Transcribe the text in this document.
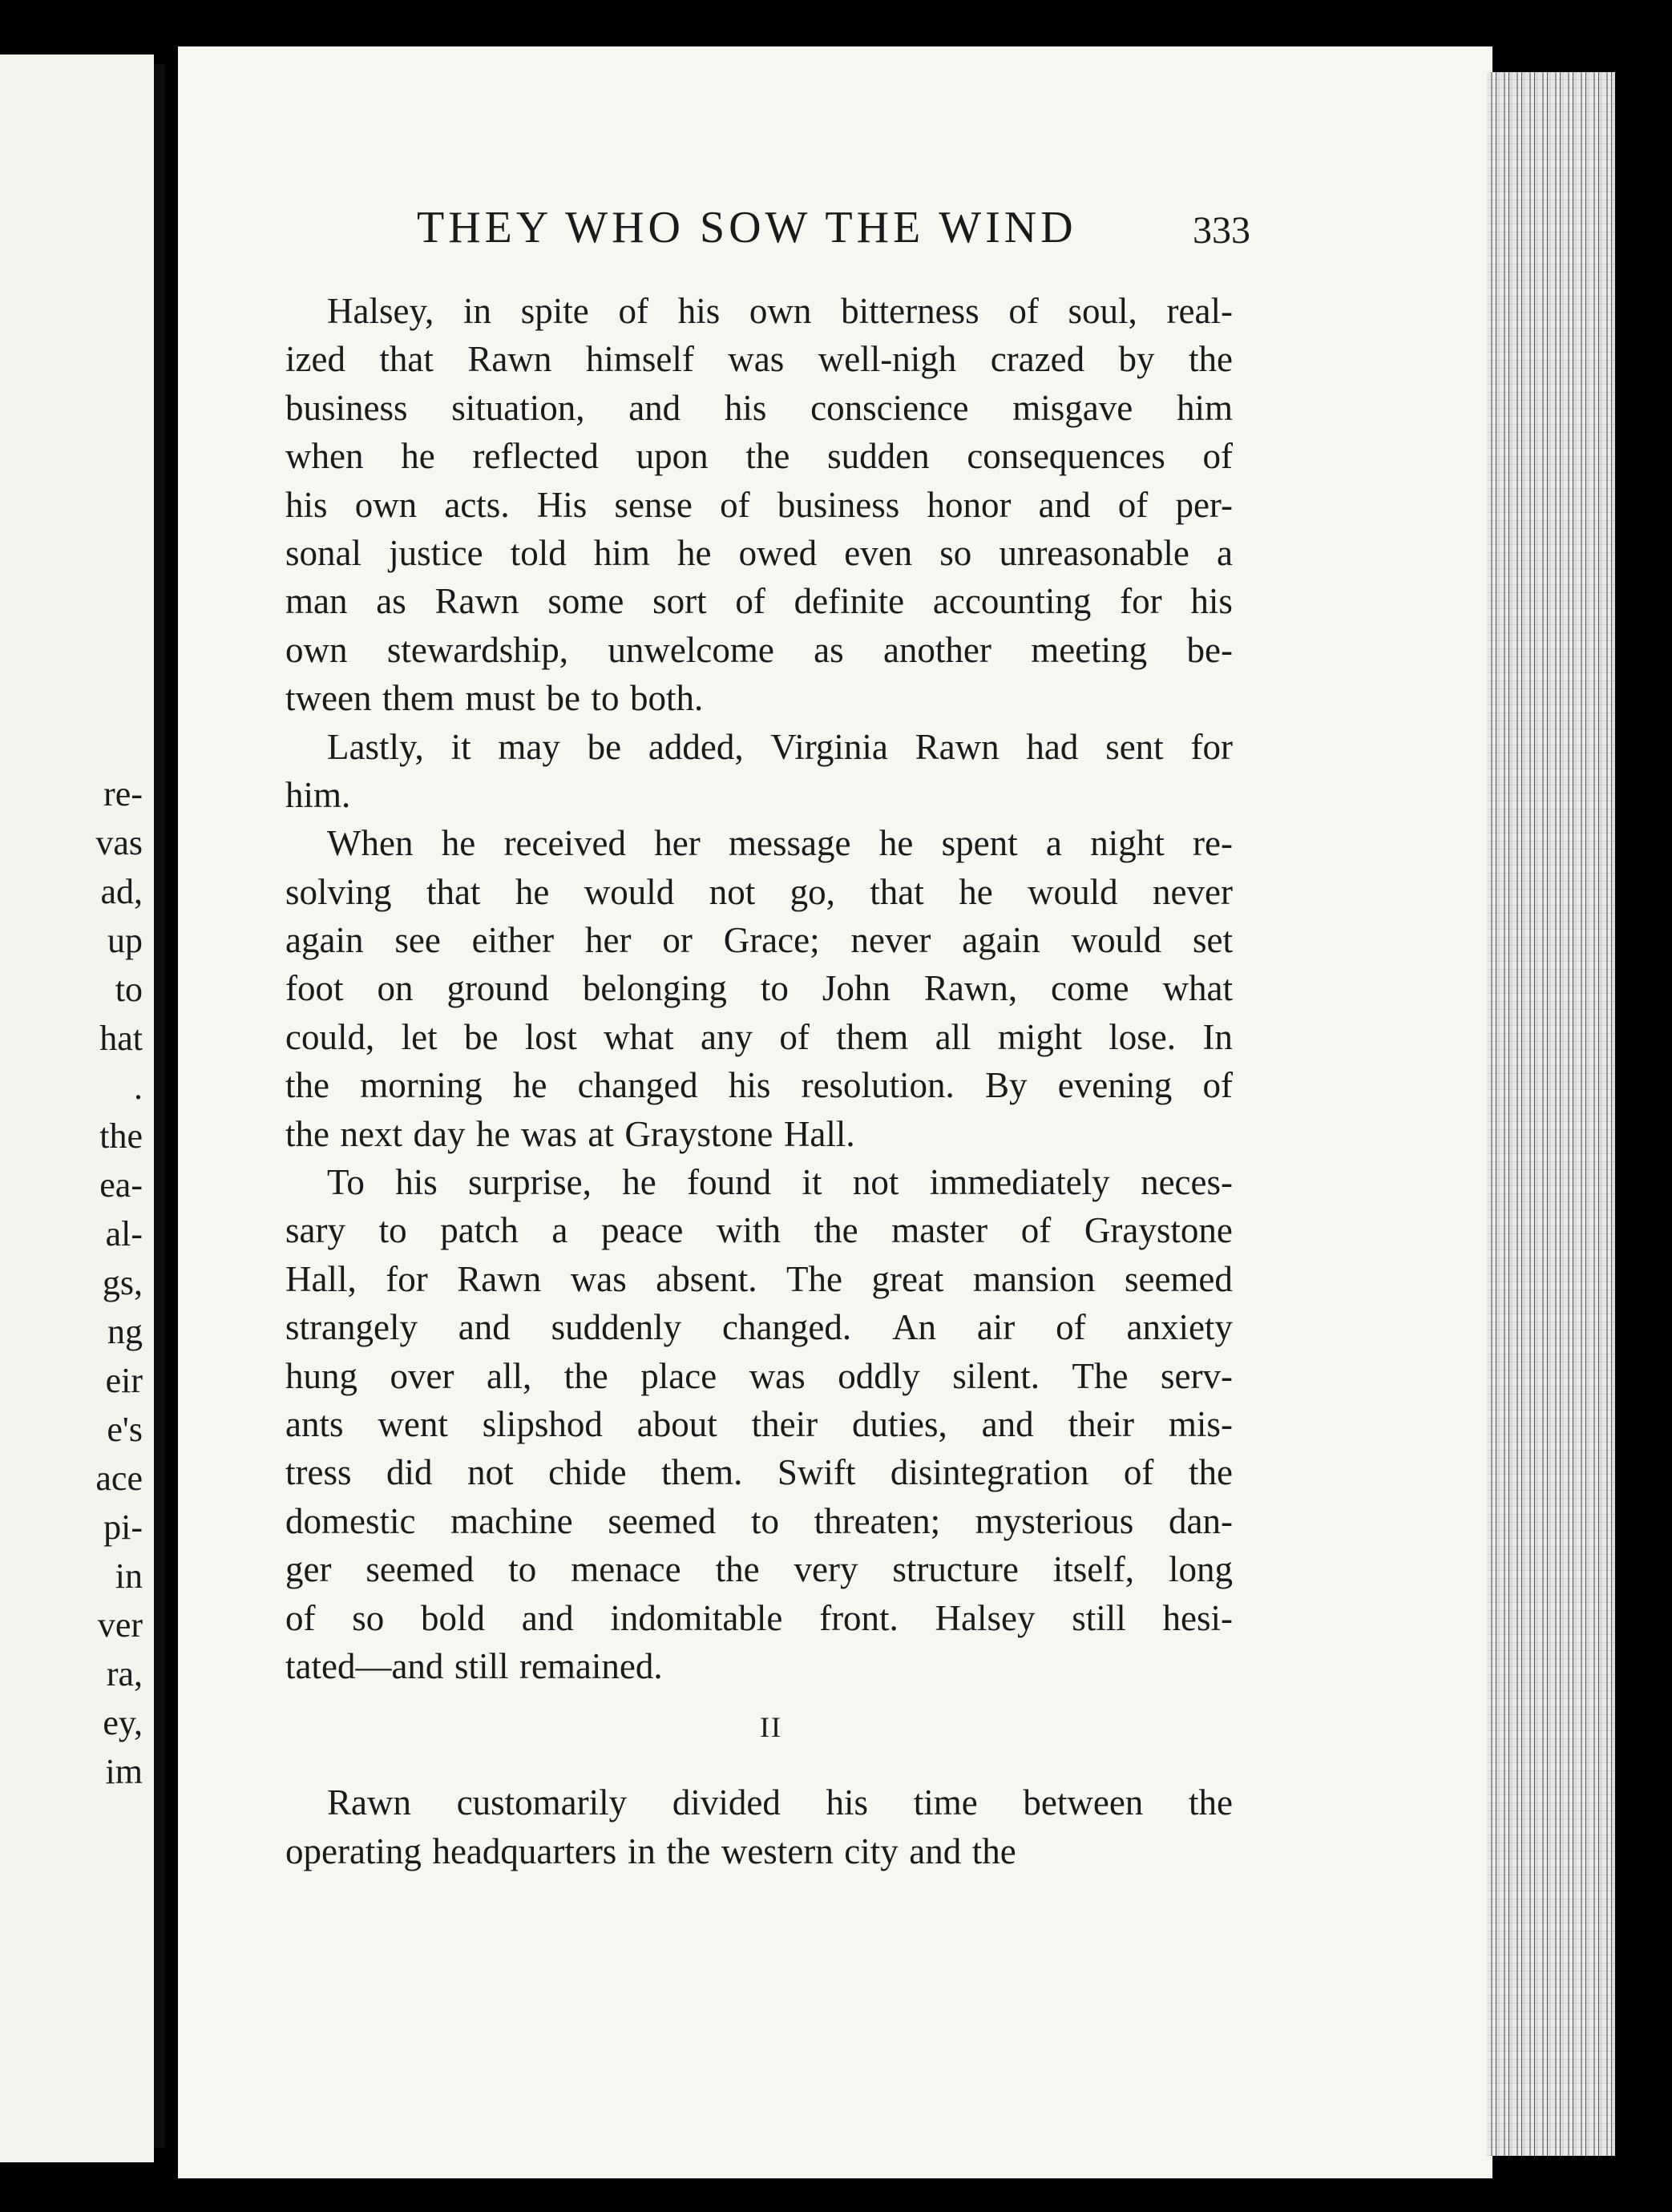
re-
vas
ad,
up
to
hat
.
the
ea-
al-
gs,
ng
eir
e's
ace
pi-
in
ver
ra,
ey,
im
THEY WHO SOW THE WIND	333
Halsey, in spite of his own bitterness of soul, real-
ized that Rawn himself was well-nigh crazed by the
business situation, and his conscience misgave him
when he reflected upon the sudden consequences of
his own acts. His sense of business honor and of per-
sonal justice told him he owed even so unreasonable a
man as Rawn some sort of definite accounting for his
own stewardship, unwelcome as another meeting be-
tween them must be to both.
Lastly, it may be added, Virginia Rawn had sent for
him.
When he received her message he spent a night re-
solving that he would not go, that he would never
again see either her or Grace; never again would set
foot on ground belonging to John Rawn, come what
could, let be lost what any of them all might lose. In
the morning he changed his resolution. By evening of
the next day he was at Graystone Hall.
To his surprise, he found it not immediately neces-
sary to patch a peace with the master of Graystone
Hall, for Rawn was absent. The great mansion seemed
strangely and suddenly changed. An air of anxiety
hung over all, the place was oddly silent. The serv-
ants went slipshod about their duties, and their mis-
tress did not chide them. Swift disintegration of the
domestic machine seemed to threaten; mysterious dan-
ger seemed to menace the very structure itself, long
of so bold and indomitable front. Halsey still hesi-
tated—and still remained.
II
Rawn customarily divided his time between the
operating headquarters in the western city and the
